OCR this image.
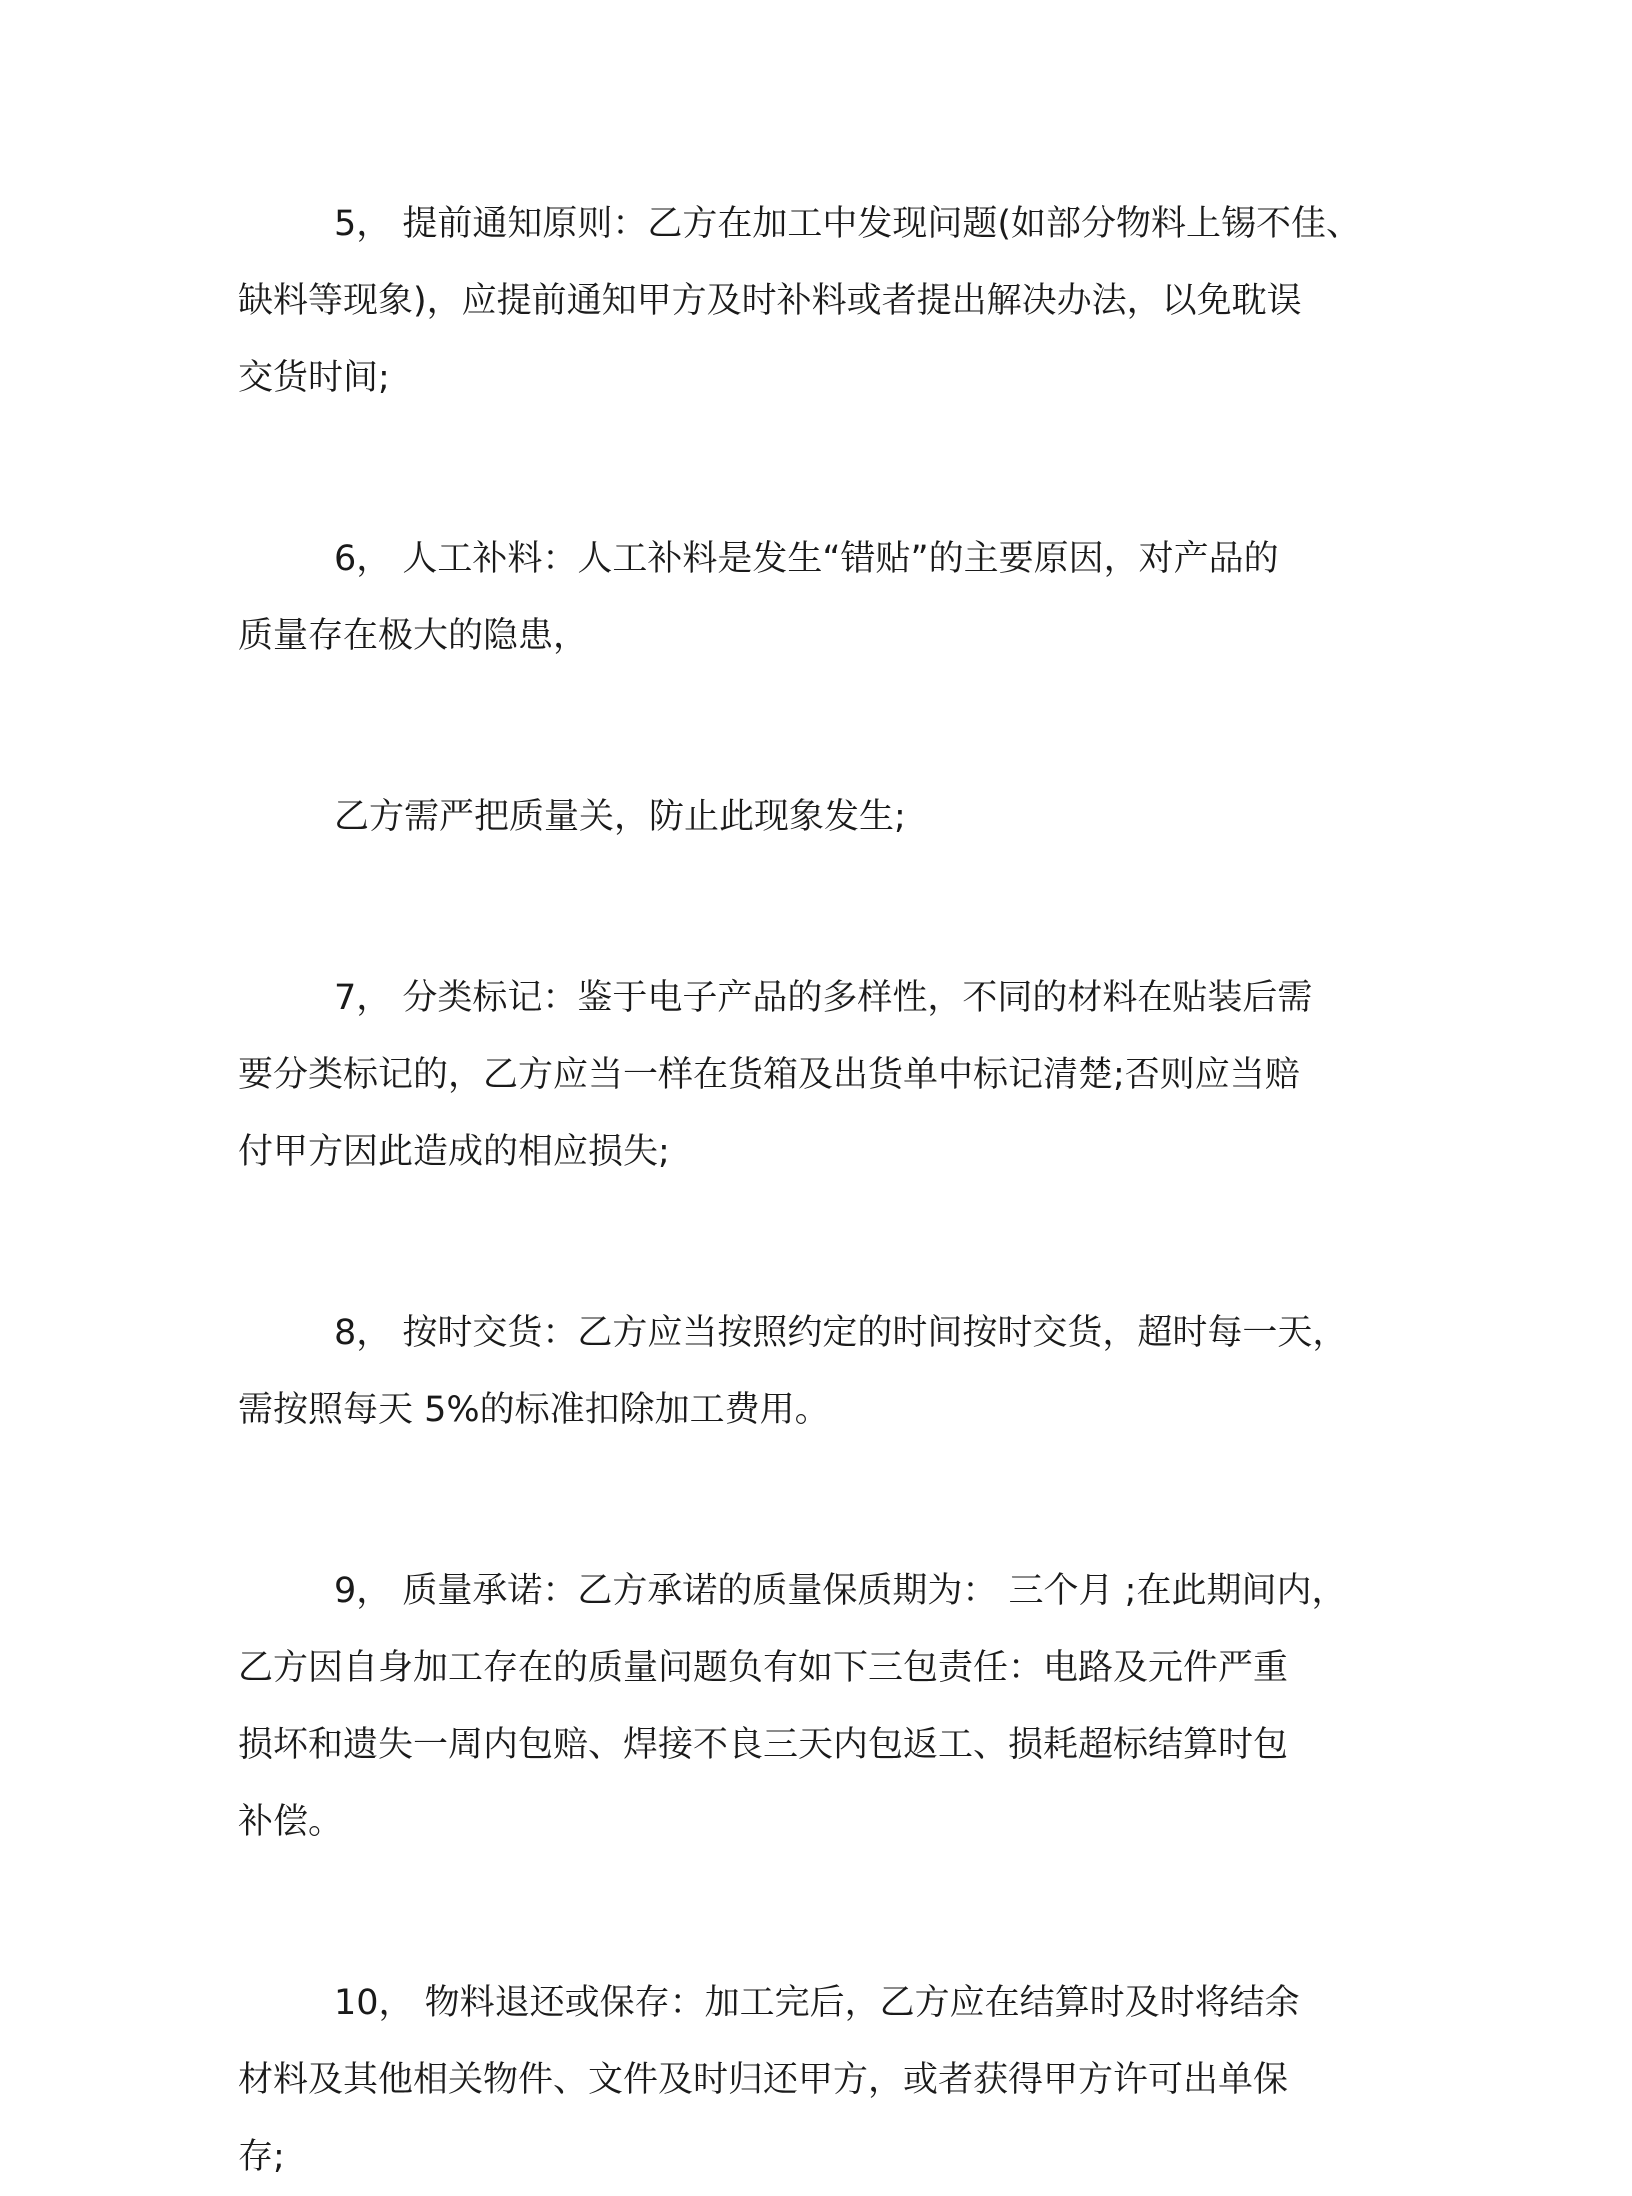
5， 提前通知原则：乙方在加工中发现问题(如部分物料上锡不佳、
缺料等现象)，应提前通知甲方及时补料或者提出解决办法，以免耽误
交货时间;
6， 人工补料：人工补料是发生“错贴”的主要原因，对产品的
质量存在极大的隐患，
乙方需严把质量关，防止此现象发生;
7， 分类标记：鉴于电子产品的多样性，不同的材料在贴装后需
要分类标记的，乙方应当一样在货箱及出货单中标记清楚;否则应当赔
付甲方因此造成的相应损失;
8， 按时交货：乙方应当按照约定的时间按时交货，超时每一天，
需按照每天 5%的标准扣除加工费用。
9， 质量承诺：乙方承诺的质量保质期为： 三个月 ;在此期间内，
乙方因自身加工存在的质量问题负有如下三包责任：电路及元件严重
损坏和遗失一周内包赔、焊接不良三天内包返工、损耗超标结算时包
补偿。
10， 物料退还或保存：加工完后，乙方应在结算时及时将结余
材料及其他相关物件、文件及时归还甲方，或者获得甲方许可出单保
存;
